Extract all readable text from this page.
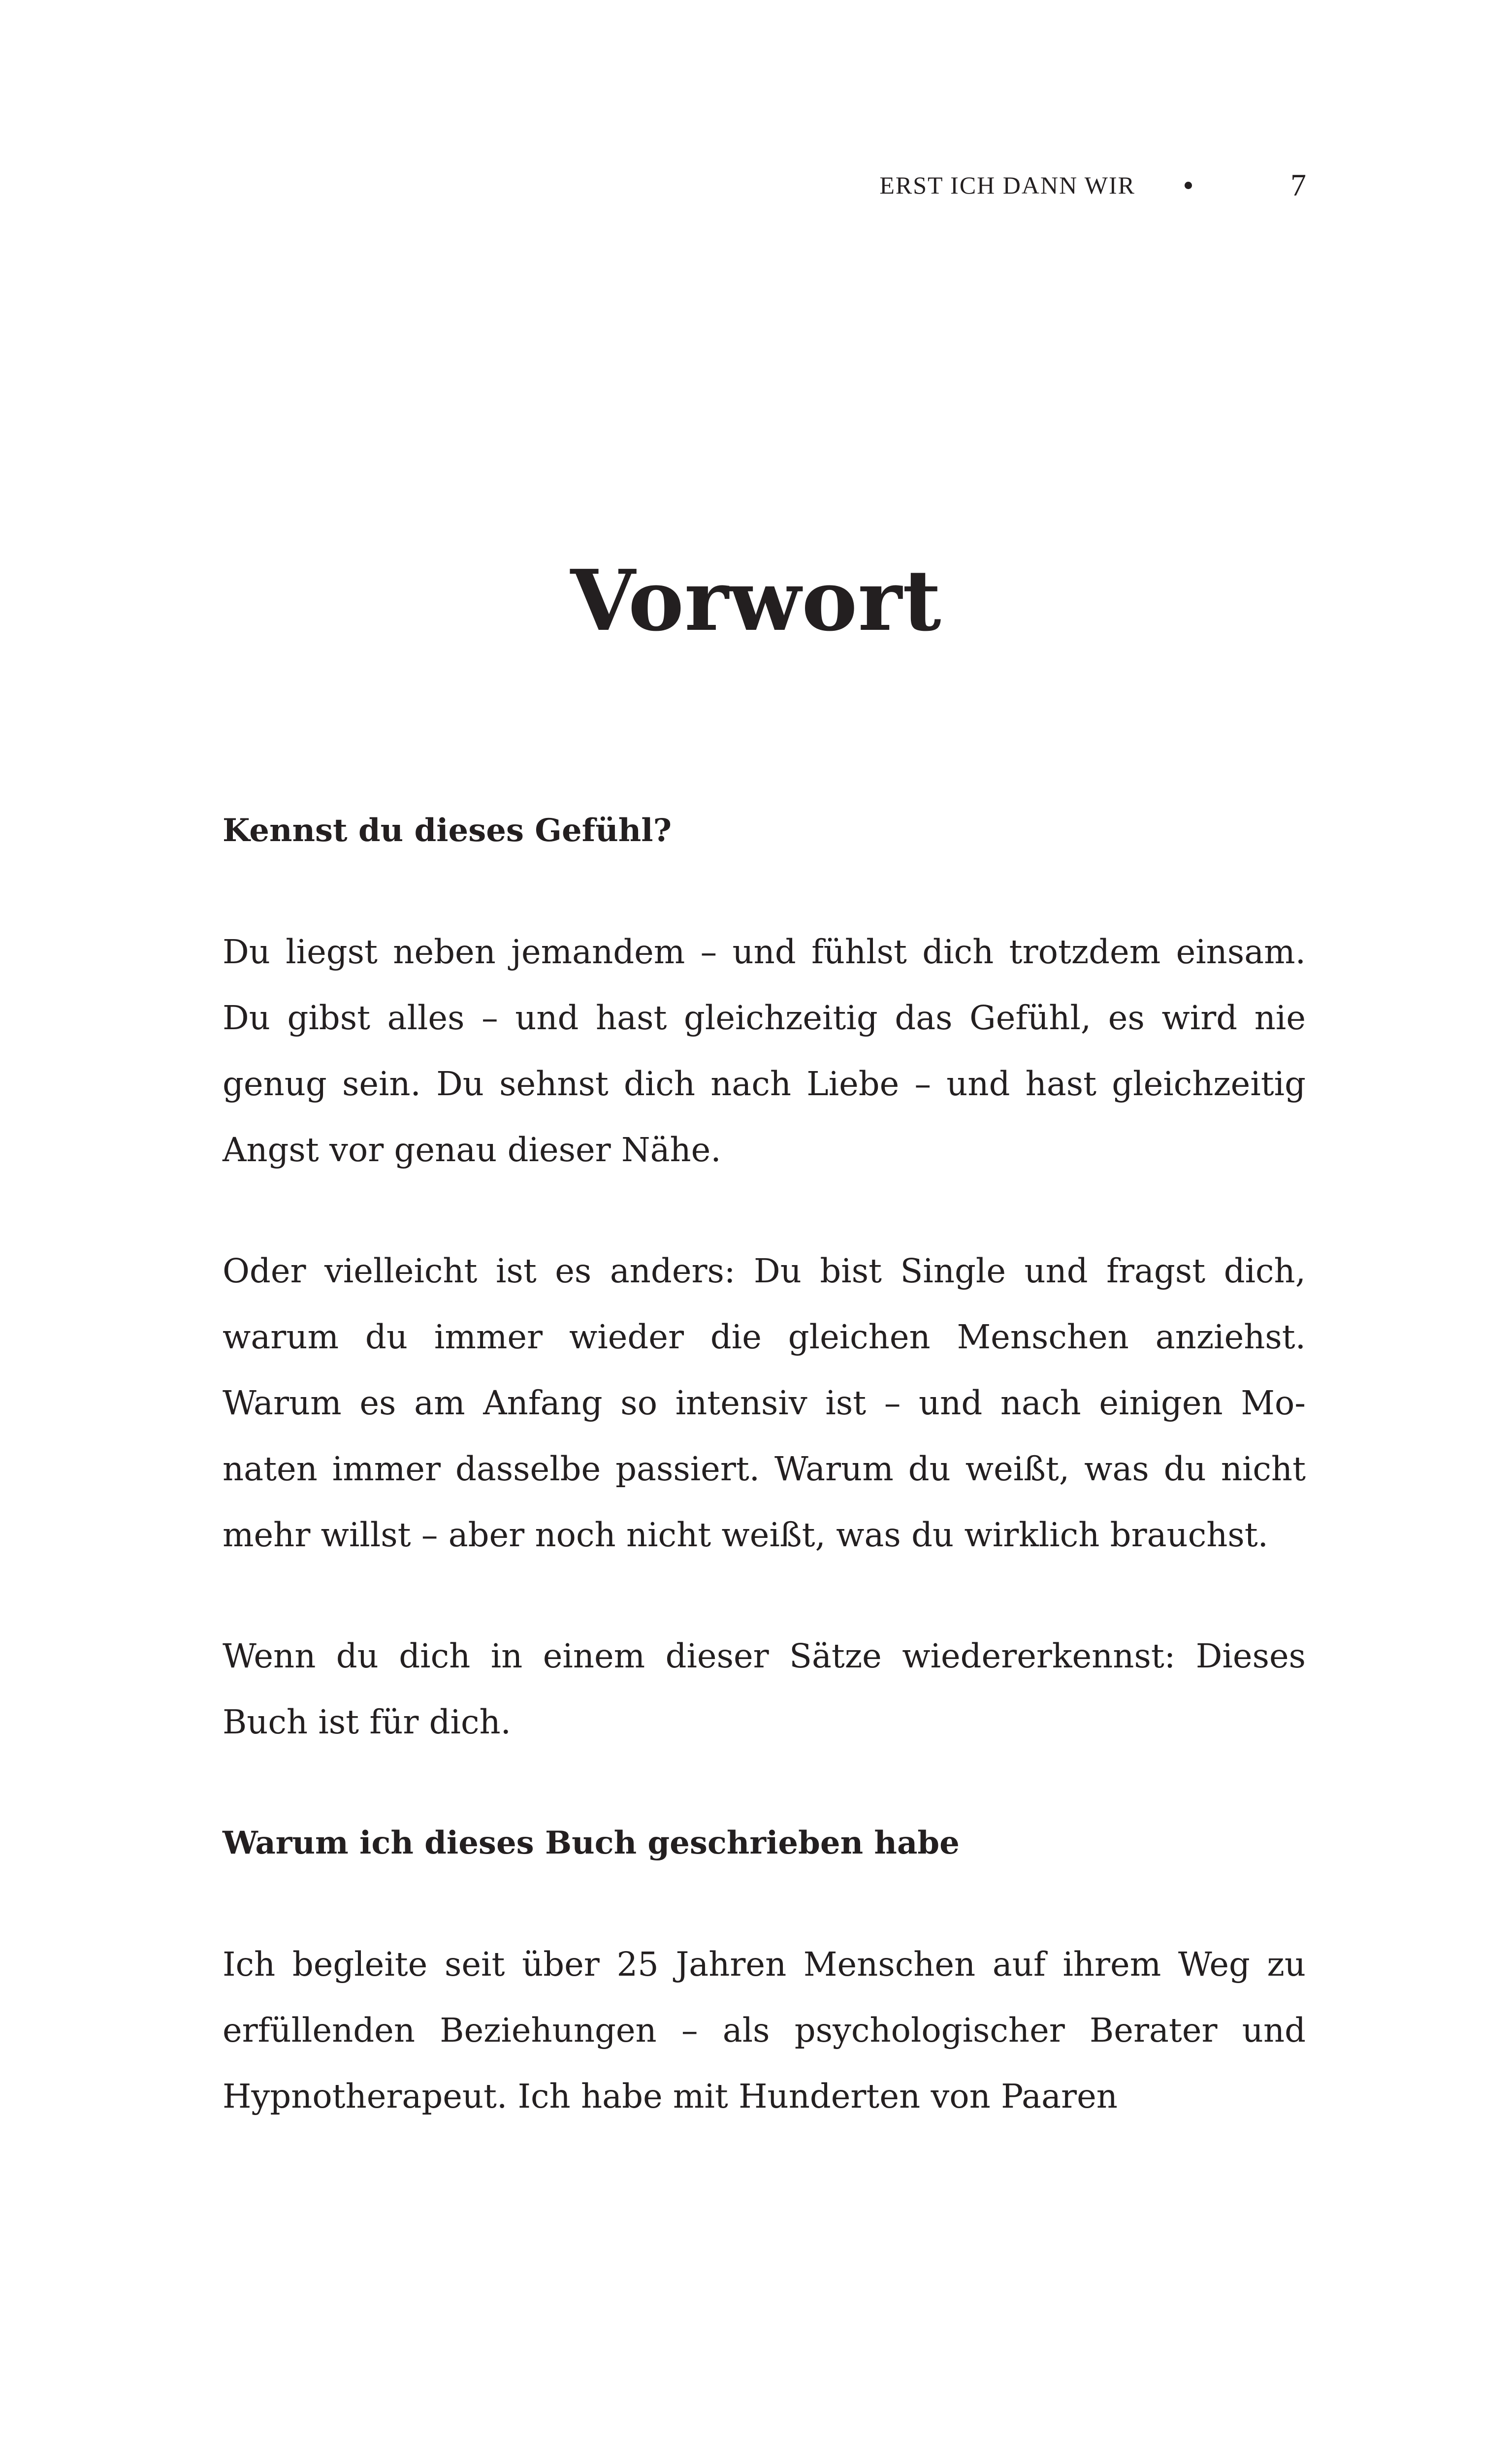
ERST ICH DANN WIR	7
Vorwort

Kennst du dieses Gefühl?

Du liegst neben jemandem – und fühlst dich trotzdem einsam. Du gibst alles – und hast gleichzeitig das Gefühl, es wird nie genug sein. Du sehnst dich nach Liebe – und hast gleichzeitig Angst vor genau dieser Nähe.

Oder vielleicht ist es anders: Du bist Single und fragst dich, warum du immer wieder die gleichen Menschen anziehst. Warum es am Anfang so intensiv ist – und nach einigen Monaten immer dasselbe passiert. Warum du weißt, was du nicht mehr willst – aber noch nicht weißt, was du wirklich brauchst.

Wenn du dich in einem dieser Sätze wiedererkennst: Dieses Buch ist für dich.

Warum ich dieses Buch geschrieben habe

Ich begleite seit über 25 Jahren Menschen auf ihrem Weg zu erfüllenden Beziehungen – als psychologischer Berater und Hypnotherapeut. Ich habe mit Hunderten von Paaren
